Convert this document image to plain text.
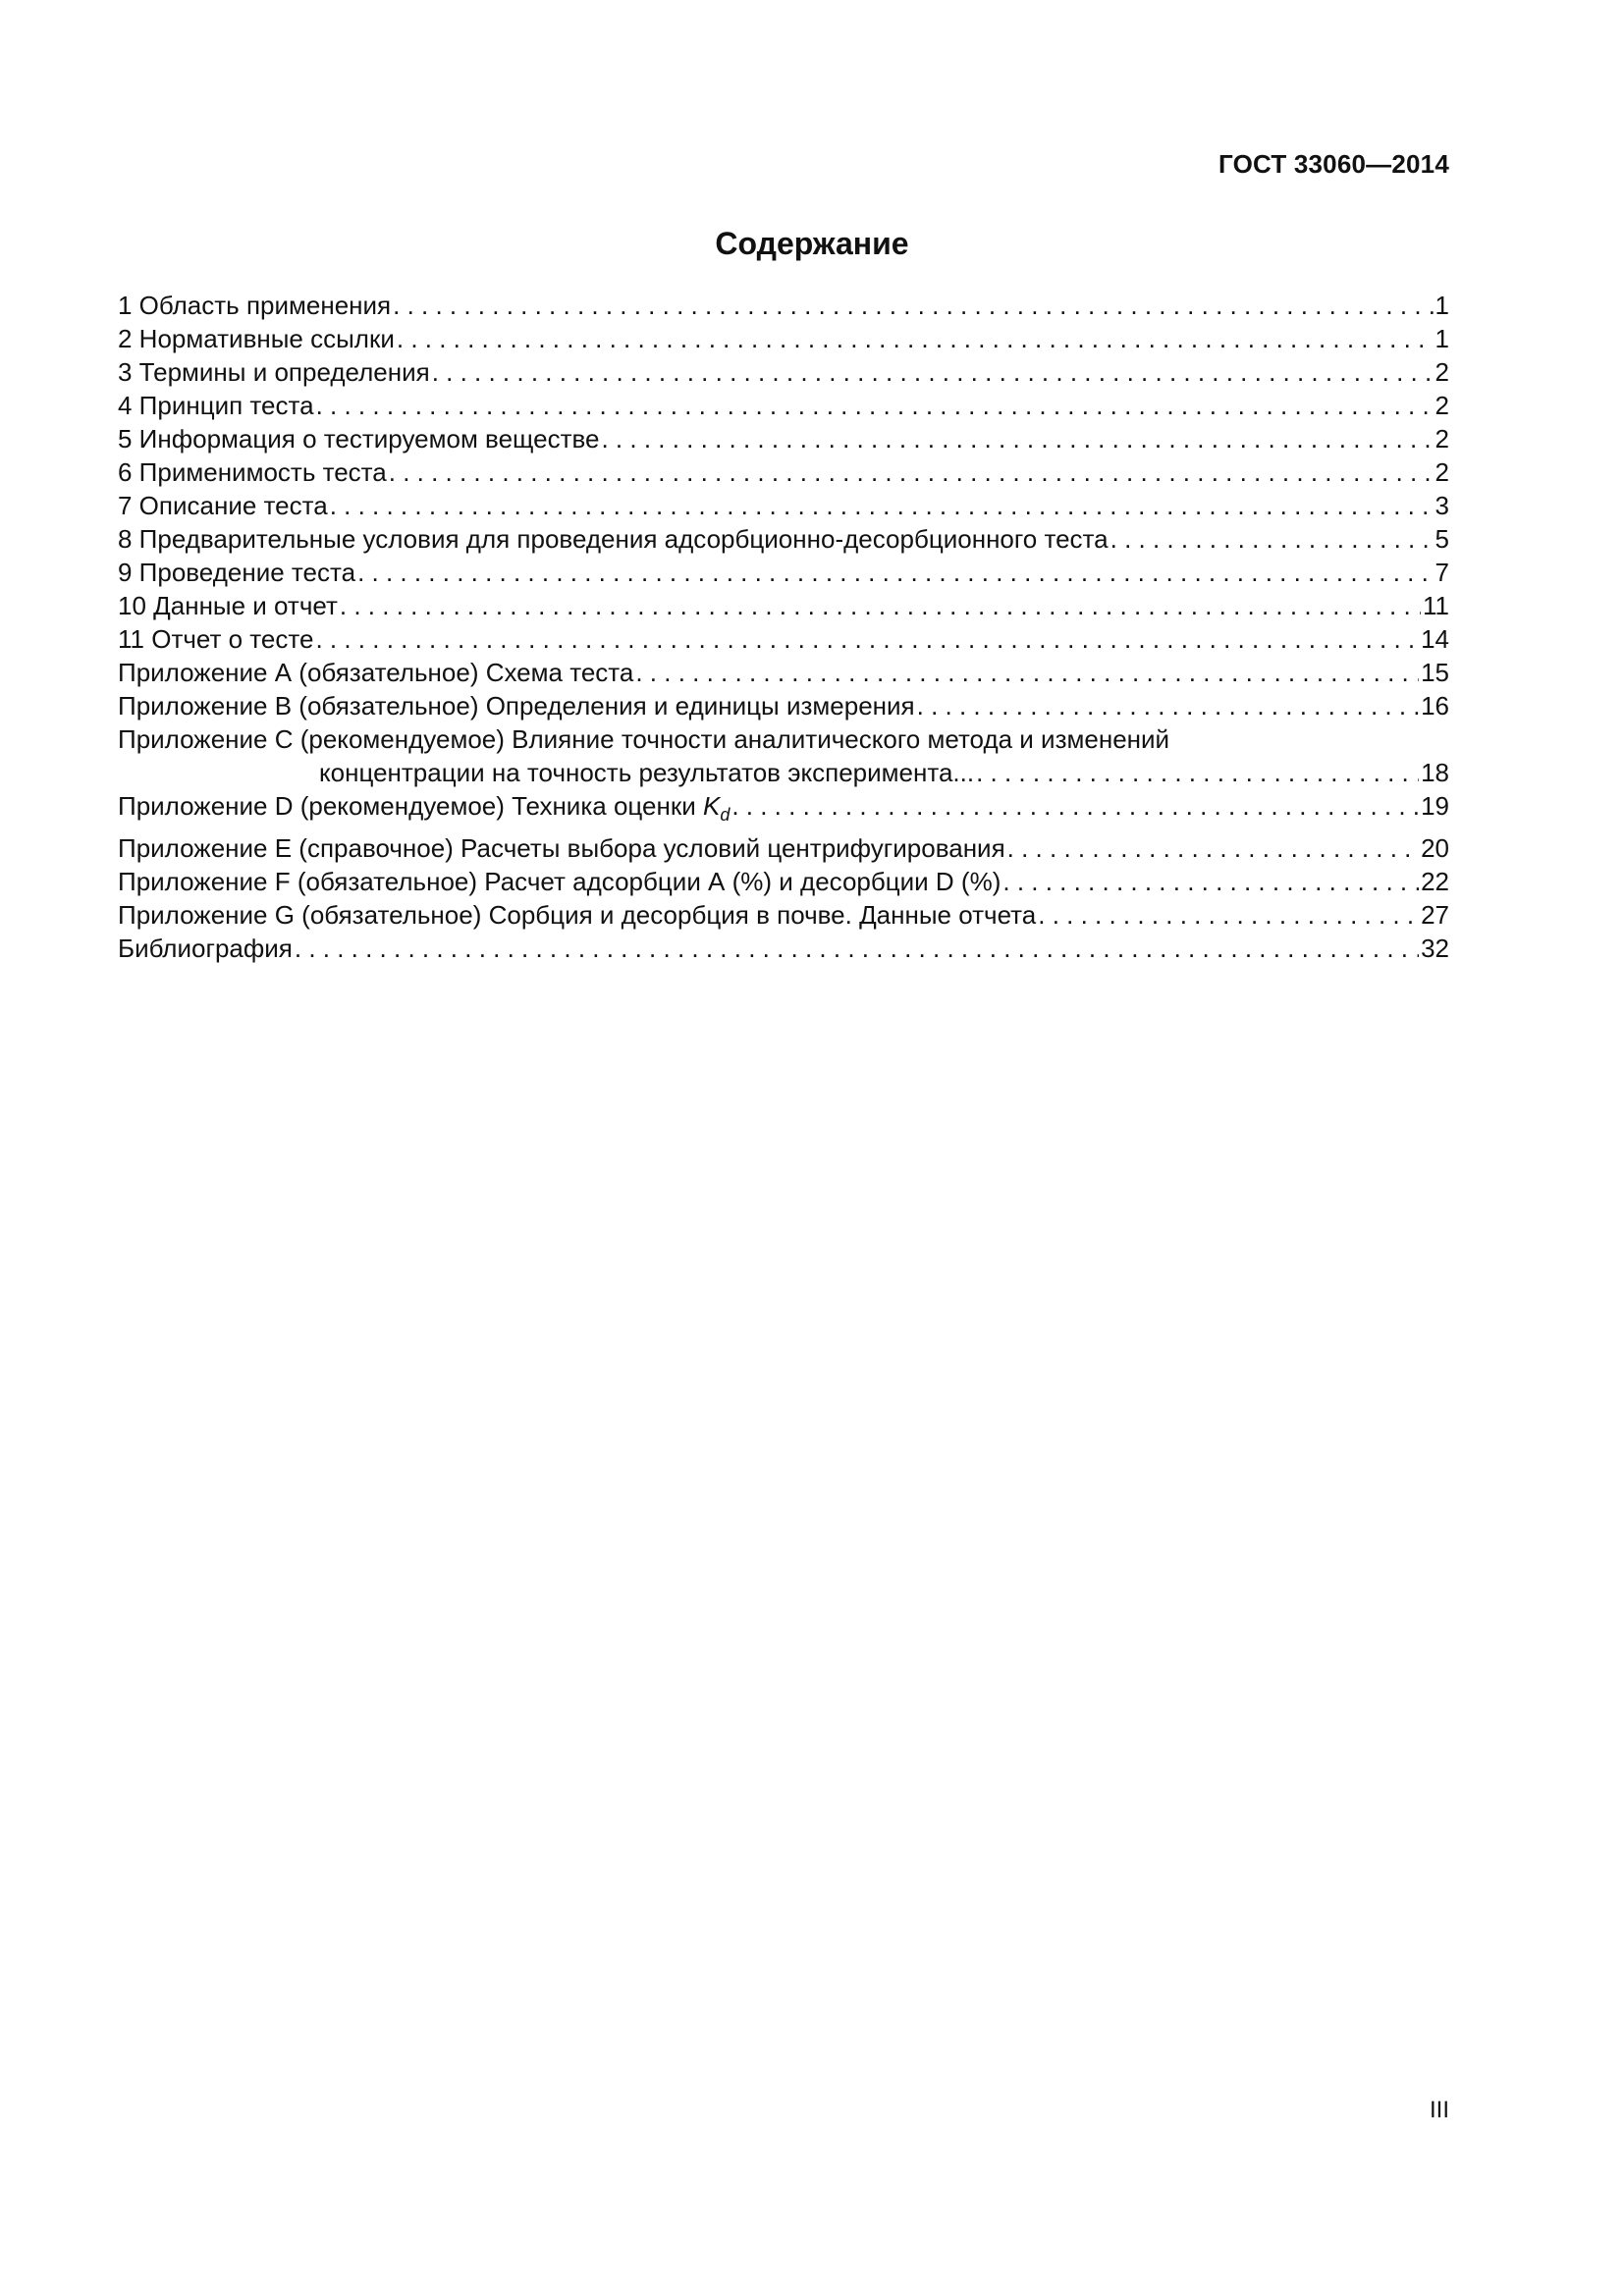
ГОСТ 33060—2014
Содержание
1 Область применения . . .	1
2 Нормативные ссылки . . .	1
3 Термины и определения . . .	2
4 Принцип теста . . .	2
5 Информация о тестируемом веществе . . .	2
6 Применимость теста . . .	2
7 Описание теста . . .	3
8 Предварительные условия для проведения адсорбционно-десорбционного теста . . .	5
9 Проведение теста . . .	7
10 Данные и отчет . . .	11
11 Отчет о тесте . . .	14
Приложение А (обязательное) Схема теста . . .	15
Приложение В (обязательное) Определения и единицы измерения . . .	16
Приложение С (рекомендуемое) Влияние точности аналитического метода и изменений
концентрации на точность результатов эксперимента... . . .	18
Приложение D (рекомендуемое) Техника оценки $K_d$ . . .	19
Приложение Е (справочное) Расчеты выбора условий центрифугирования . . .	20
Приложение F (обязательное) Расчет адсорбции А (%) и десорбции D (%) . . .	22
Приложение G (обязательное) Сорбция и десорбция в почве. Данные отчета . . .	27
Библиография . . .	32
III
